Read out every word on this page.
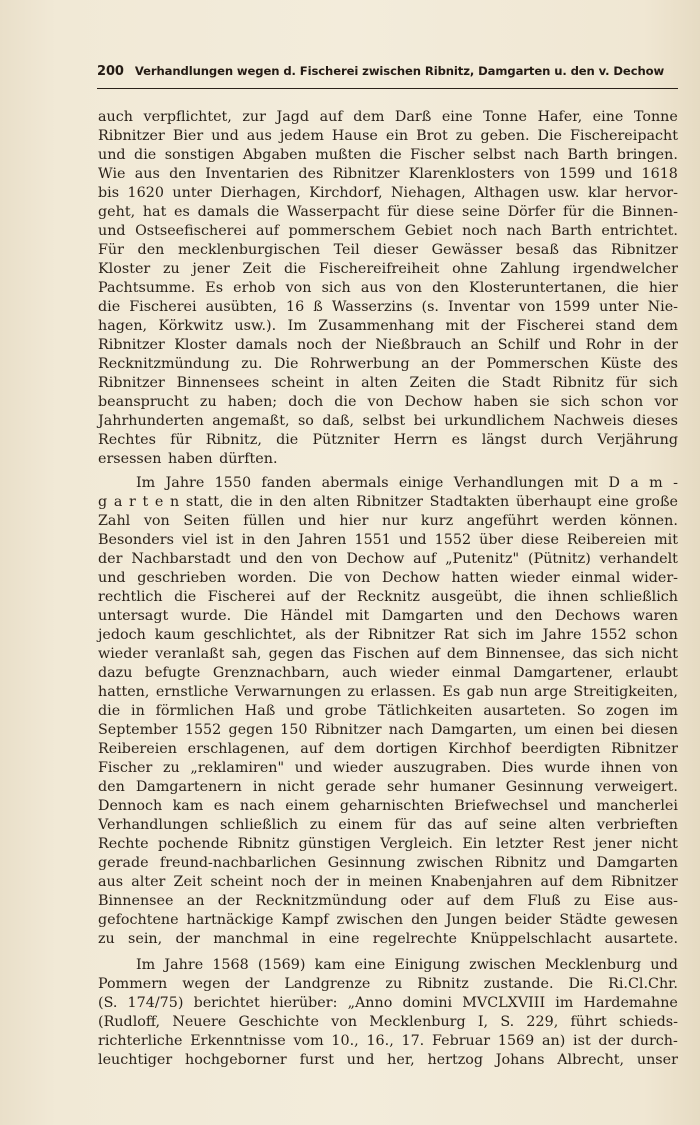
200 Verhandlungen wegen d. Fischerei zwischen Ribnitz, Damgarten u. den v. Dechow

auch verpflichtet, zur Jagd auf dem Darß eine Tonne Hafer, eine Tonne
Ribnitzer Bier und aus jedem Hause ein Brot zu geben. Die Fischereipacht
und die sonstigen Abgaben mußten die Fischer selbst nach Barth bringen.
Wie aus den Inventarien des Ribnitzer Klarenklosters von 1599 und 1618
bis 1620 unter Dierhagen, Kirchdorf, Niehagen, Althagen usw. klar hervor-
geht, hat es damals die Wasserpacht für diese seine Dörfer für die Binnen-
und Ostseefischerei auf pommerschem Gebiet noch nach Barth entrichtet.
Für den mecklenburgischen Teil dieser Gewässer besaß das Ribnitzer
Kloster zu jener Zeit die Fischereifreiheit ohne Zahlung irgendwelcher
Pachtsumme. Es erhob von sich aus von den Klosteruntertanen, die hier
die Fischerei ausübten, 16 ß Wasserzins (s. Inventar von 1599 unter Nie-
hagen, Körkwitz usw.). Im Zusammenhang mit der Fischerei stand dem
Ribnitzer Kloster damals noch der Nießbrauch an Schilf und Rohr in der
Recknitzmündung zu. Die Rohrwerbung an der Pommerschen Küste des
Ribnitzer Binnensees scheint in alten Zeiten die Stadt Ribnitz für sich
beansprucht zu haben; doch die von Dechow haben sie sich schon vor
Jahrhunderten angemaßt, so daß, selbst bei urkundlichem Nachweis dieses
Rechtes für Ribnitz, die Pützniter Herrn es längst durch Verjährung
ersessen haben dürften.

Im Jahre 1550 fanden abermals einige Verhandlungen mit D a m -
g a r t e n statt, die in den alten Ribnitzer Stadtakten überhaupt eine große
Zahl von Seiten füllen und hier nur kurz angeführt werden können.
Besonders viel ist in den Jahren 1551 und 1552 über diese Reibereien mit
der Nachbarstadt und den von Dechow auf „Putenitz" (Pütnitz) verhandelt
und geschrieben worden. Die von Dechow hatten wieder einmal wider-
rechtlich die Fischerei auf der Recknitz ausgeübt, die ihnen schließlich
untersagt wurde. Die Händel mit Damgarten und den Dechows waren
jedoch kaum geschlichtet, als der Ribnitzer Rat sich im Jahre 1552 schon
wieder veranlaßt sah, gegen das Fischen auf dem Binnensee, das sich nicht
dazu befugte Grenznachbarn, auch wieder einmal Damgartener, erlaubt
hatten, ernstliche Verwarnungen zu erlassen. Es gab nun arge Streitigkeiten,
die in förmlichen Haß und grobe Tätlichkeiten ausarteten. So zogen im
September 1552 gegen 150 Ribnitzer nach Damgarten, um einen bei diesen
Reibereien erschlagenen, auf dem dortigen Kirchhof beerdigten Ribnitzer
Fischer zu „reklamiren" und wieder auszugraben. Dies wurde ihnen von
den Damgartenern in nicht gerade sehr humaner Gesinnung verweigert.
Dennoch kam es nach einem geharnischten Briefwechsel und mancherlei
Verhandlungen schließlich zu einem für das auf seine alten verbrieften
Rechte pochende Ribnitz günstigen Vergleich. Ein letzter Rest jener nicht
gerade freund-nachbarlichen Gesinnung zwischen Ribnitz und Damgarten
aus alter Zeit scheint noch der in meinen Knabenjahren auf dem Ribnitzer
Binnensee an der Recknitzmündung oder auf dem Fluß zu Eise aus-
gefochtene hartnäckige Kampf zwischen den Jungen beider Städte gewesen
zu sein, der manchmal in eine regelrechte Knüppelschlacht ausartete.

Im Jahre 1568 (1569) kam eine Einigung zwischen Mecklenburg und
Pommern wegen der Landgrenze zu Ribnitz zustande. Die Ri.Cl.Chr.
(S. 174/75) berichtet hierüber: „Anno domini MVCLXVIII im Hardemahne
(Rudloff, Neuere Geschichte von Mecklenburg I, S. 229, führt schieds-
richterliche Erkenntnisse vom 10., 16., 17. Februar 1569 an) ist der durch-
leuchtiger hochgeborner furst und her, hertzog Johans Albrecht, unser
